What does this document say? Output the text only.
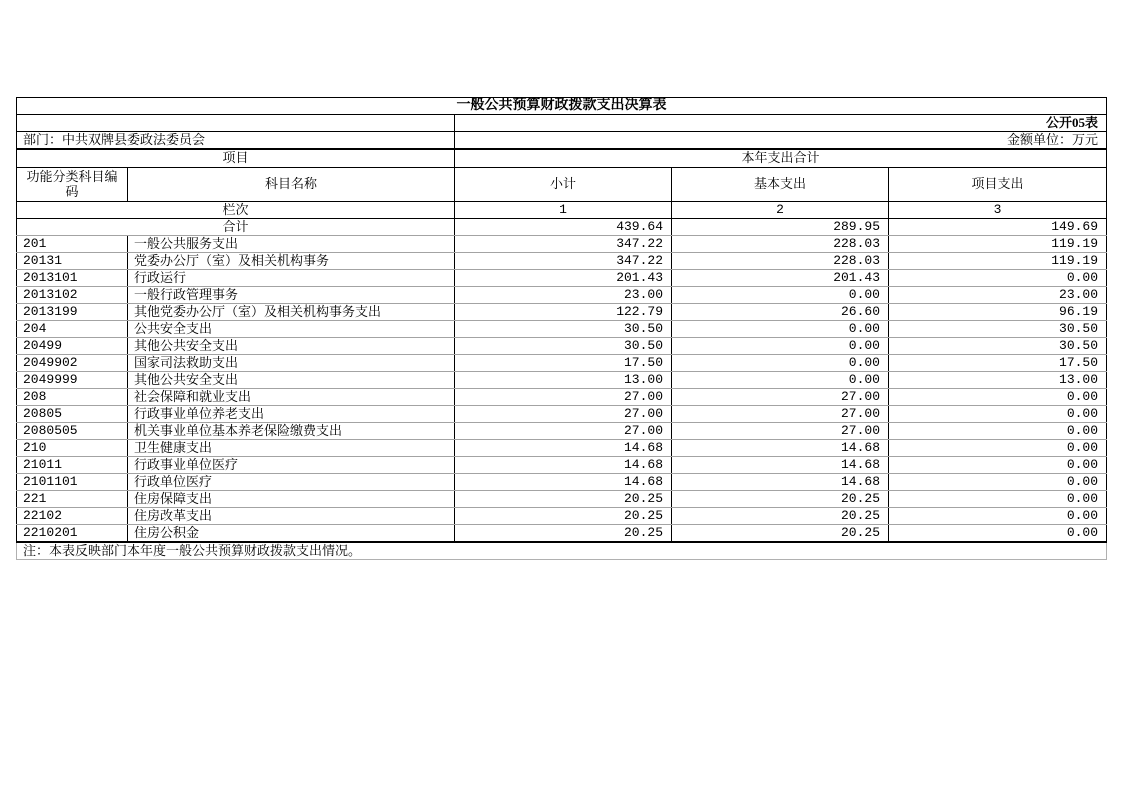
一般公共预算财政拨款支出决算表				
		公开05表		
部门：中共双牌县委政法委员会		金额单位：万元		
项目		本年支出合计		
功能分类科目编码	科目名称	小计	基本支出	项目支出
栏次		1	2	3
合计		439.64	289.95	149.69
201	一般公共服务支出	347.22	228.03	119.19
20131	党委办公厅（室）及相关机构事务	347.22	228.03	119.19
2013101	行政运行	201.43	201.43	0.00
2013102	一般行政管理事务	23.00	0.00	23.00
2013199	其他党委办公厅（室）及相关机构事务支出	122.79	26.60	96.19
204	公共安全支出	30.50	0.00	30.50
20499	其他公共安全支出	30.50	0.00	30.50
2049902	国家司法救助支出	17.50	0.00	17.50
2049999	其他公共安全支出	13.00	0.00	13.00
208	社会保障和就业支出	27.00	27.00	0.00
20805	行政事业单位养老支出	27.00	27.00	0.00
2080505	机关事业单位基本养老保险缴费支出	27.00	27.00	0.00
210	卫生健康支出	14.68	14.68	0.00
21011	行政事业单位医疗	14.68	14.68	0.00
2101101	行政单位医疗	14.68	14.68	0.00
221	住房保障支出	20.25	20.25	0.00
22102	住房改革支出	20.25	20.25	0.00
2210201	住房公积金	20.25	20.25	0.00
注：本表反映部门本年度一般公共预算财政拨款支出情况。				
